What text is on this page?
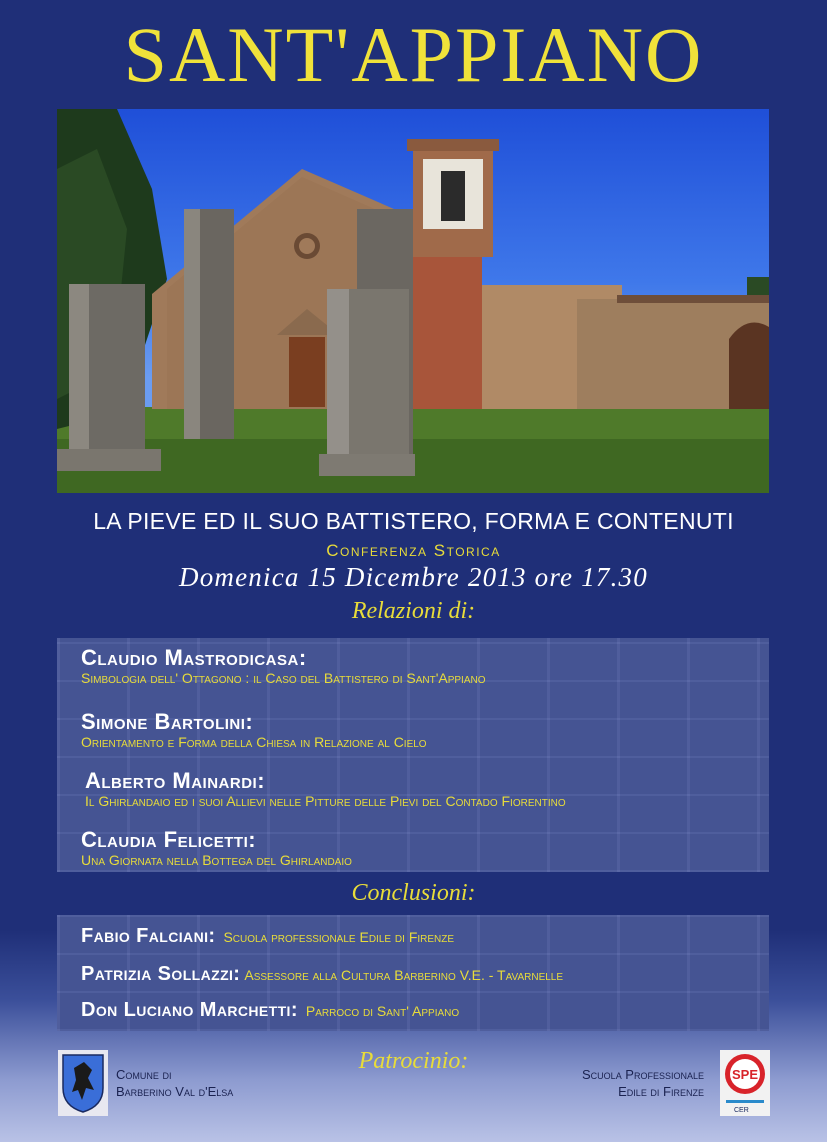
SANT'APPIANO
LA PIEVE ED IL SUO BATTISTERO, FORMA E CONTENUTI
Conferenza Storica
Domenica 15 Dicembre 2013 ore 17.30
Relazioni di:
Claudio Mastrodicasa:
Simbologia dell' Ottagono : il Caso del Battistero di Sant'Appiano
Simone Bartolini:
Orientamento e Forma della Chiesa in Relazione al Cielo
Alberto Mainardi:
Il Ghirlandaio ed i suoi Allievi nelle Pitture delle Pievi del Contado Fiorentino
Claudia Felicetti:
Una Giornata nella Bottega del Ghirlandaio
Conclusioni:
Fabio Falciani: Scuola professionale Edile di Firenze
Patrizia Sollazzi: Assessore alla Cultura Barberino V.E. - Tavarnelle
Don Luciano Marchetti: Parroco di Sant' Appiano
Patrocinio:
Comune di
Barberino Val d'Elsa
Scuola Professionale
Edile di Firenze
SPE
CER
